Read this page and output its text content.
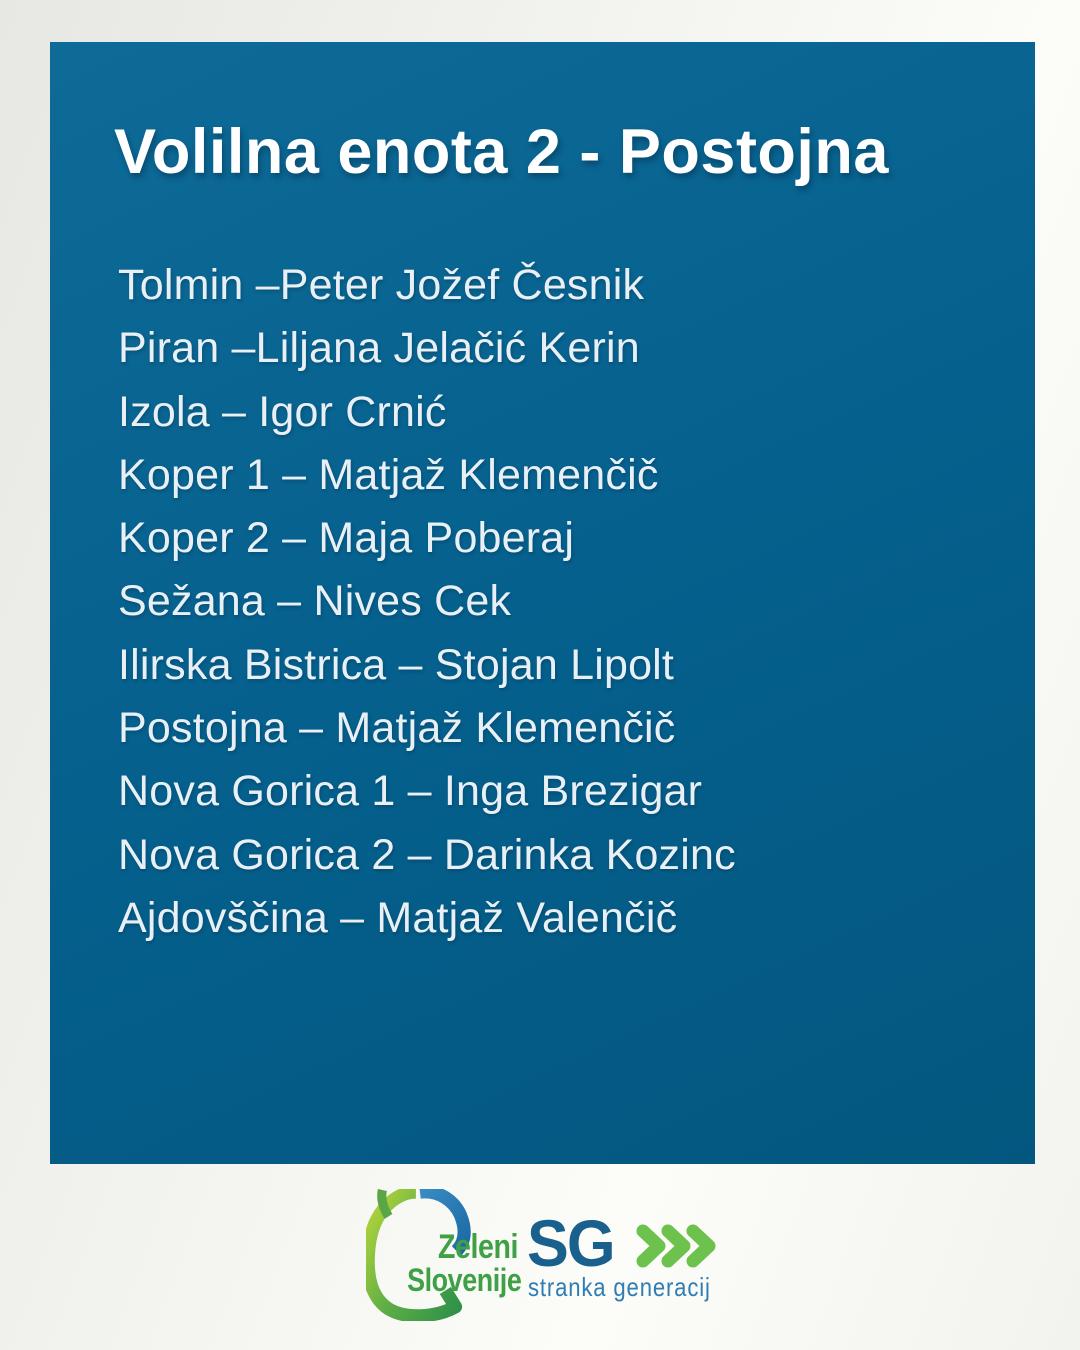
Volilna enota 2 - Postojna
Tolmin –Peter Jožef Česnik
Piran –Liljana Jelačić Kerin
Izola – Igor Crnić
Koper 1 – Matjaž Klemenčič
Koper 2 – Maja Poberaj
Sežana – Nives Cek
Ilirska Bistrica – Stojan Lipolt
Postojna – Matjaž Klemenčič
Nova Gorica 1 – Inga Brezigar
Nova Gorica 2 – Darinka Kozinc
Ajdovščina – Matjaž Valenčič
Zeleni
Slovenije SG
stranka generacij
